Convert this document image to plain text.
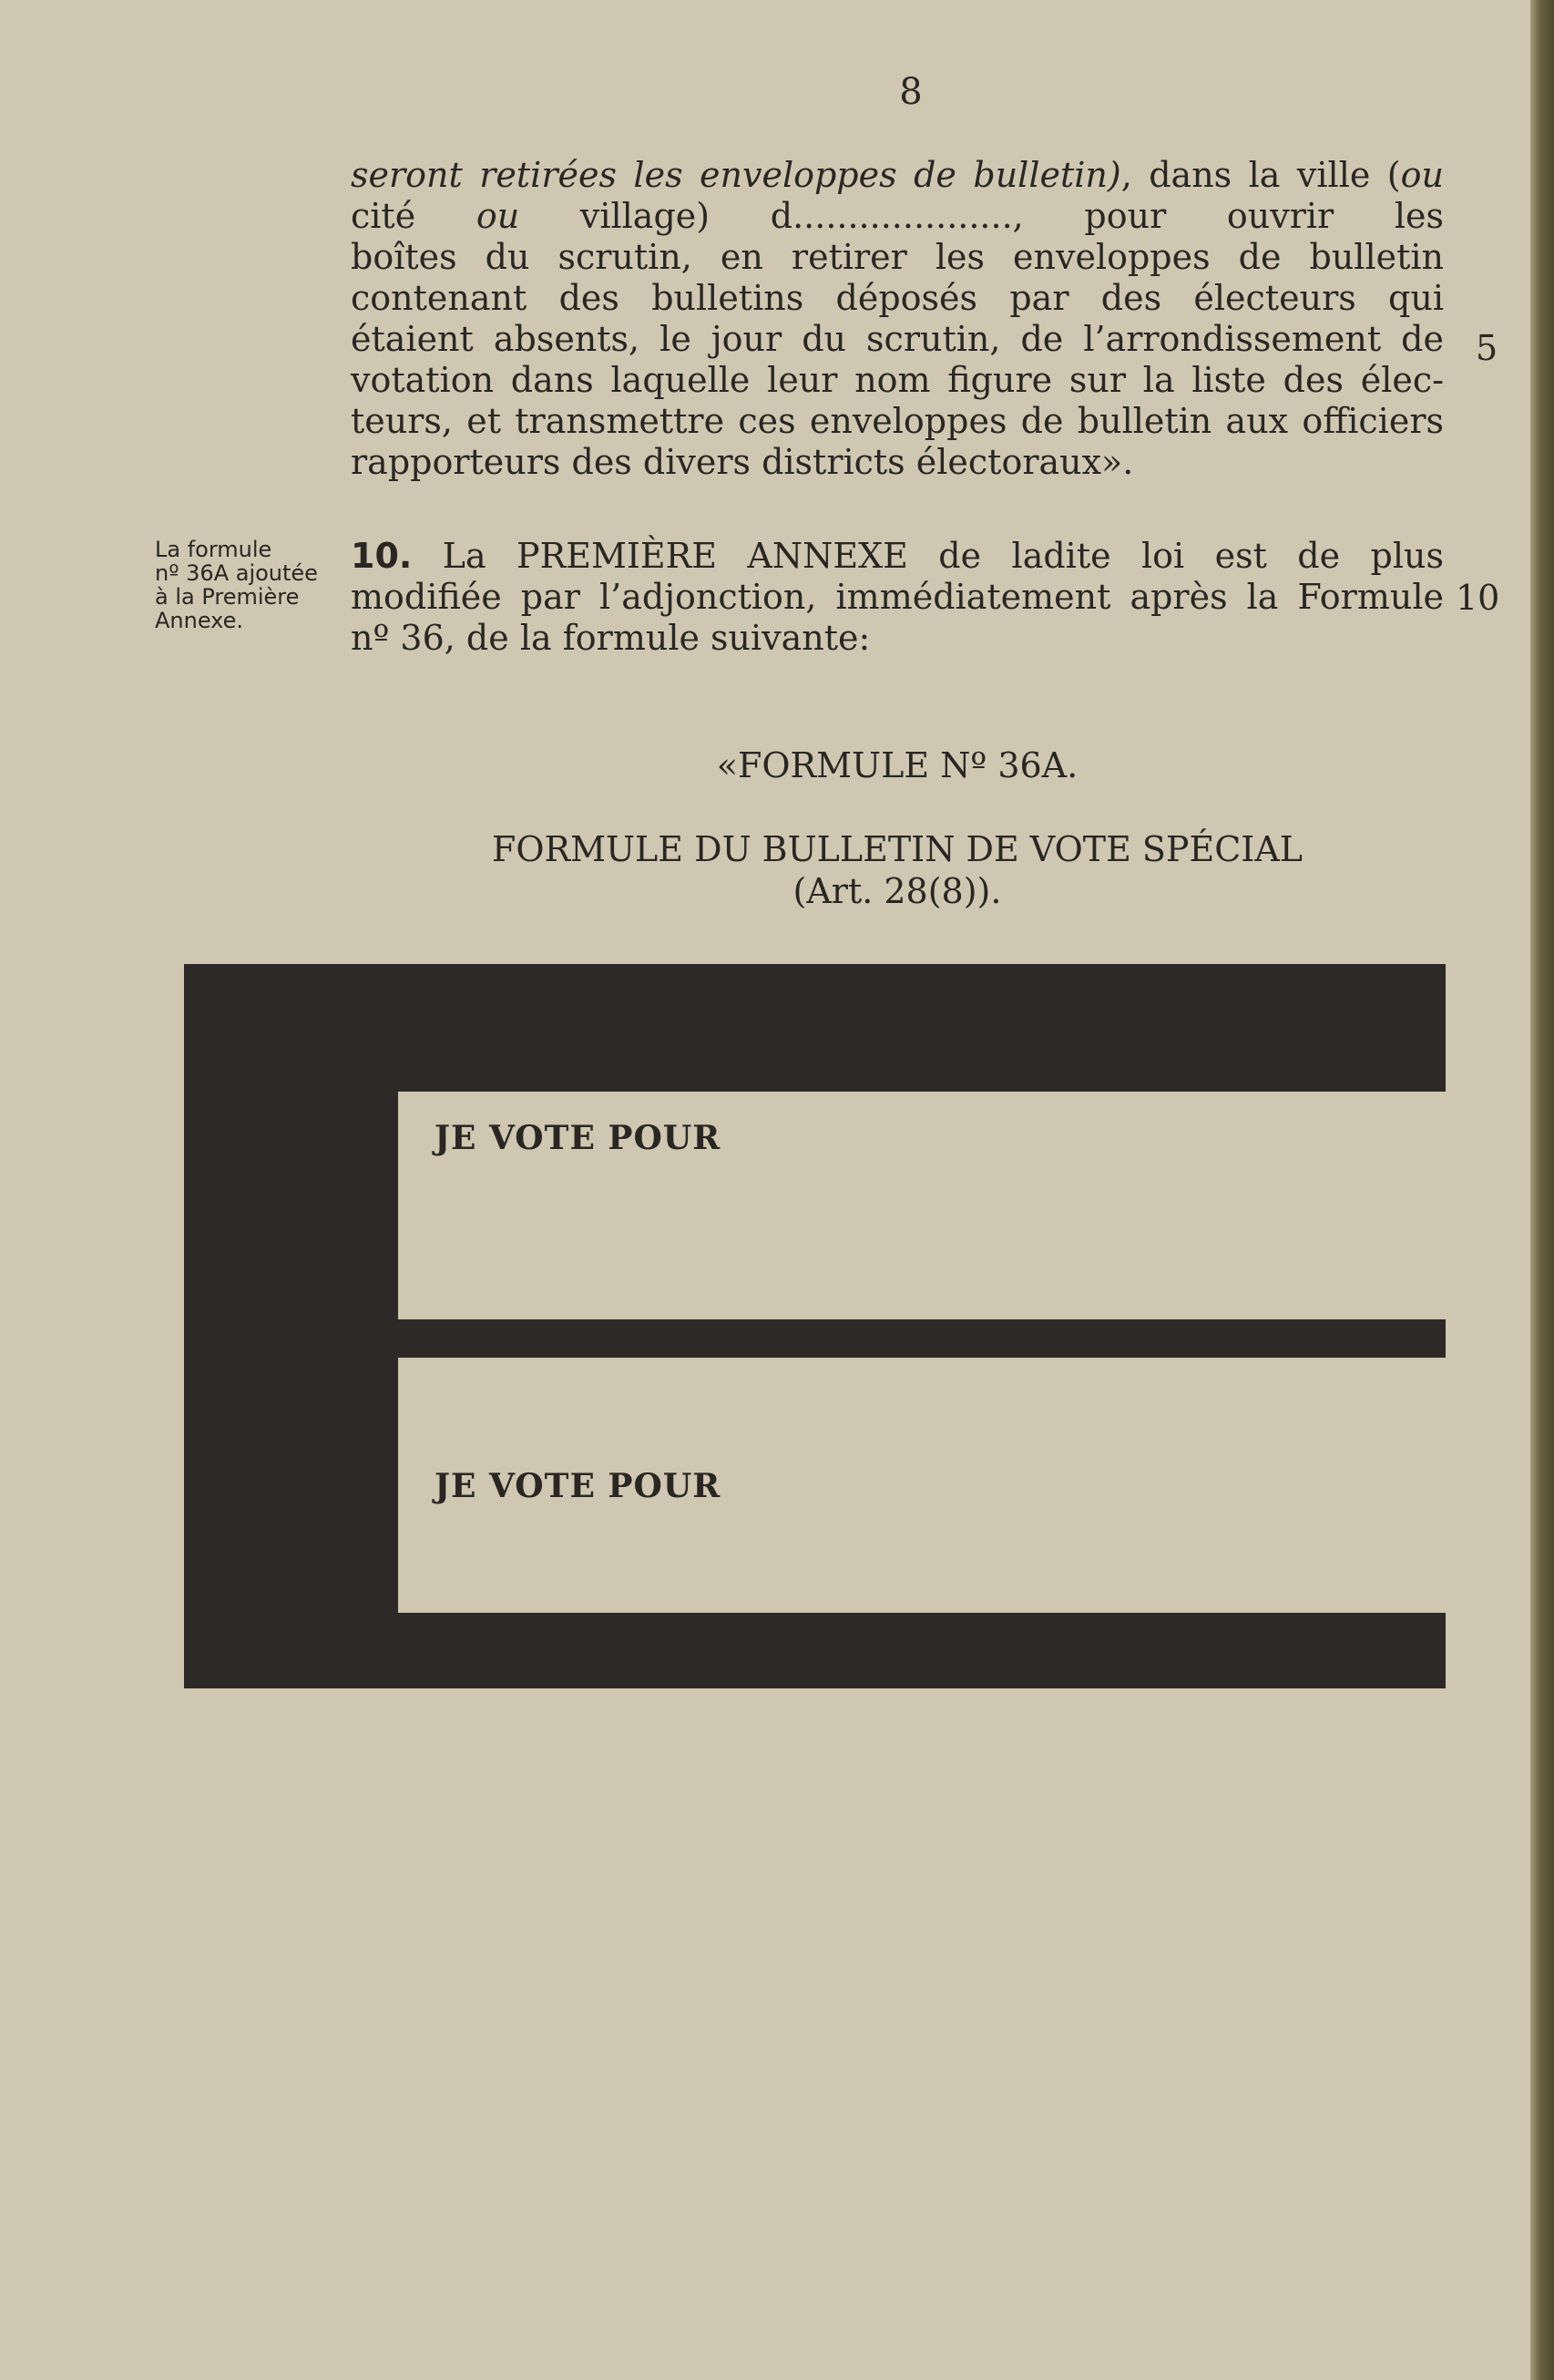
8
seront retirées les enveloppes de bulletin), dans la ville (ou
cité ou village) d...................., pour ouvrir les
boîtes du scrutin, en retirer les enveloppes de bulletin
contenant des bulletins déposés par des électeurs qui
étaient absents, le jour du scrutin, de l’arrondissement de
votation dans laquelle leur nom figure sur la liste des élec-
teurs, et transmettre ces enveloppes de bulletin aux officiers
rapporteurs des divers districts électoraux».
5
La formule
nº 36A ajoutée
à la Première
Annexe.
10. La PREMIÈRE ANNEXE de ladite loi est de plus
modifiée par l’adjonction, immédiatement après la Formule
nº 36, de la formule suivante:
10
«FORMULE Nº 36A.
FORMULE DU BULLETIN DE VOTE SPÉCIAL
(Art. 28(8)).
JE VOTE POUR
JE VOTE POUR
